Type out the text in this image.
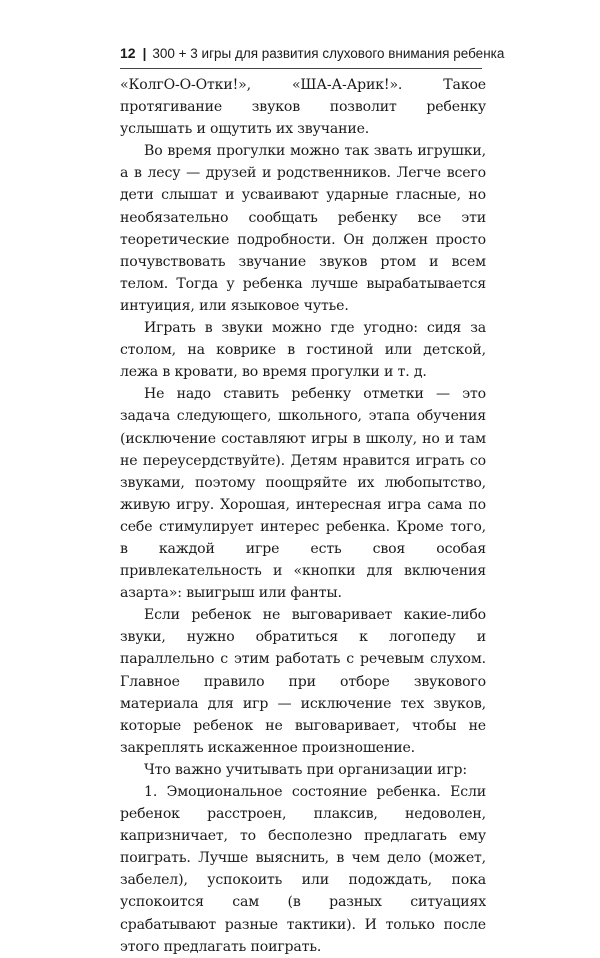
12 | 300 + 3 игры для развития слухового внимания ребенка

«КолгО-О-Отки!», «ША-А-Арик!». Такое протягивание звуков позволит ребенку услышать и ощутить их звучание.

Во время прогулки можно так звать игрушки, а в лесу — друзей и родственников. Легче всего дети слышат и усваивают ударные гласные, но необязательно сообщать ребенку все эти теоретические подробности. Он должен просто почувствовать звучание звуков ртом и всем телом. Тогда у ребенка лучше вырабатывается интуиция, или языковое чутье.

Играть в звуки можно где угодно: сидя за столом, на коврике в гостиной или детской, лежа в кровати, во время прогулки и т. д.

Не надо ставить ребенку отметки — это задача следующего, школьного, этапа обучения (исключение составляют игры в школу, но и там не переусердствуйте). Детям нравится играть со звуками, поэтому поощряйте их любопытство, живую игру. Хорошая, интересная игра сама по себе стимулирует интерес ребенка. Кроме того, в каждой игре есть своя особая привлекательность и «кнопки для включения азарта»: выигрыш или фанты.

Если ребенок не выговаривает какие-либо звуки, нужно обратиться к логопеду и параллельно с этим работать с речевым слухом. Главное правило при отборе звукового материала для игр — исключение тех звуков, которые ребенок не выговаривает, чтобы не закреплять искаженное произношение.

Что важно учитывать при организации игр:

1. Эмоциональное состояние ребенка. Если ребенок расстроен, плаксив, недоволен, капризничает, то бесполезно предлагать ему поиграть. Лучше выяснить, в чем дело (может, забелел), успокоить или подождать, пока успокоится сам (в разных ситуациях срабатывают разные тактики). И только после этого предлагать поиграть.
